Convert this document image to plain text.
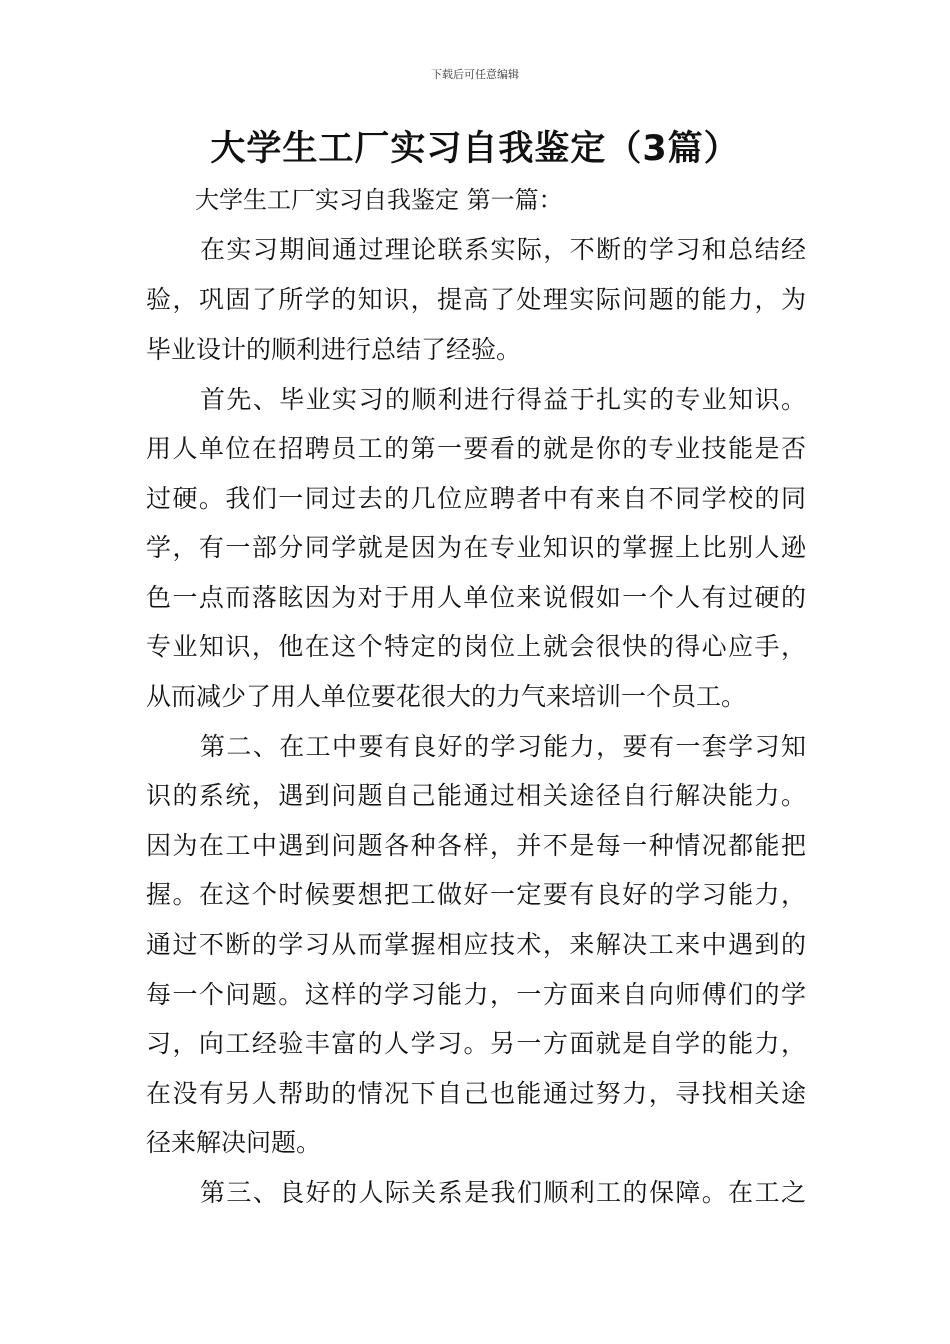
下载后可任意编辑
大学生工厂实习自我鉴定（3篇）
大学生工厂实习自我鉴定 第一篇：
在实习期间通过理论联系实际，不断的学习和总结经
验，巩固了所学的知识，提高了处理实际问题的能力，为
毕业设计的顺利进行总结了经验。
首先、毕业实习的顺利进行得益于扎实的专业知识。
用人单位在招聘员工的第一要看的就是你的专业技能是否
过硬。我们一同过去的几位应聘者中有来自不同学校的同
学，有一部分同学就是因为在专业知识的掌握上比别人逊
色一点而落眩因为对于用人单位来说假如一个人有过硬的
专业知识，他在这个特定的岗位上就会很快的得心应手，
从而减少了用人单位要花很大的力气来培训一个员工。
第二、在工中要有良好的学习能力，要有一套学习知
识的系统，遇到问题自己能通过相关途径自行解决能力。
因为在工中遇到问题各种各样，并不是每一种情况都能把
握。在这个时候要想把工做好一定要有良好的学习能力，
通过不断的学习从而掌握相应技术，来解决工来中遇到的
每一个问题。这样的学习能力，一方面来自向师傅们的学
习，向工经验丰富的人学习。另一方面就是自学的能力，
在没有另人帮助的情况下自己也能通过努力，寻找相关途
径来解决问题。
第三、良好的人际关系是我们顺利工的保障。在工之
